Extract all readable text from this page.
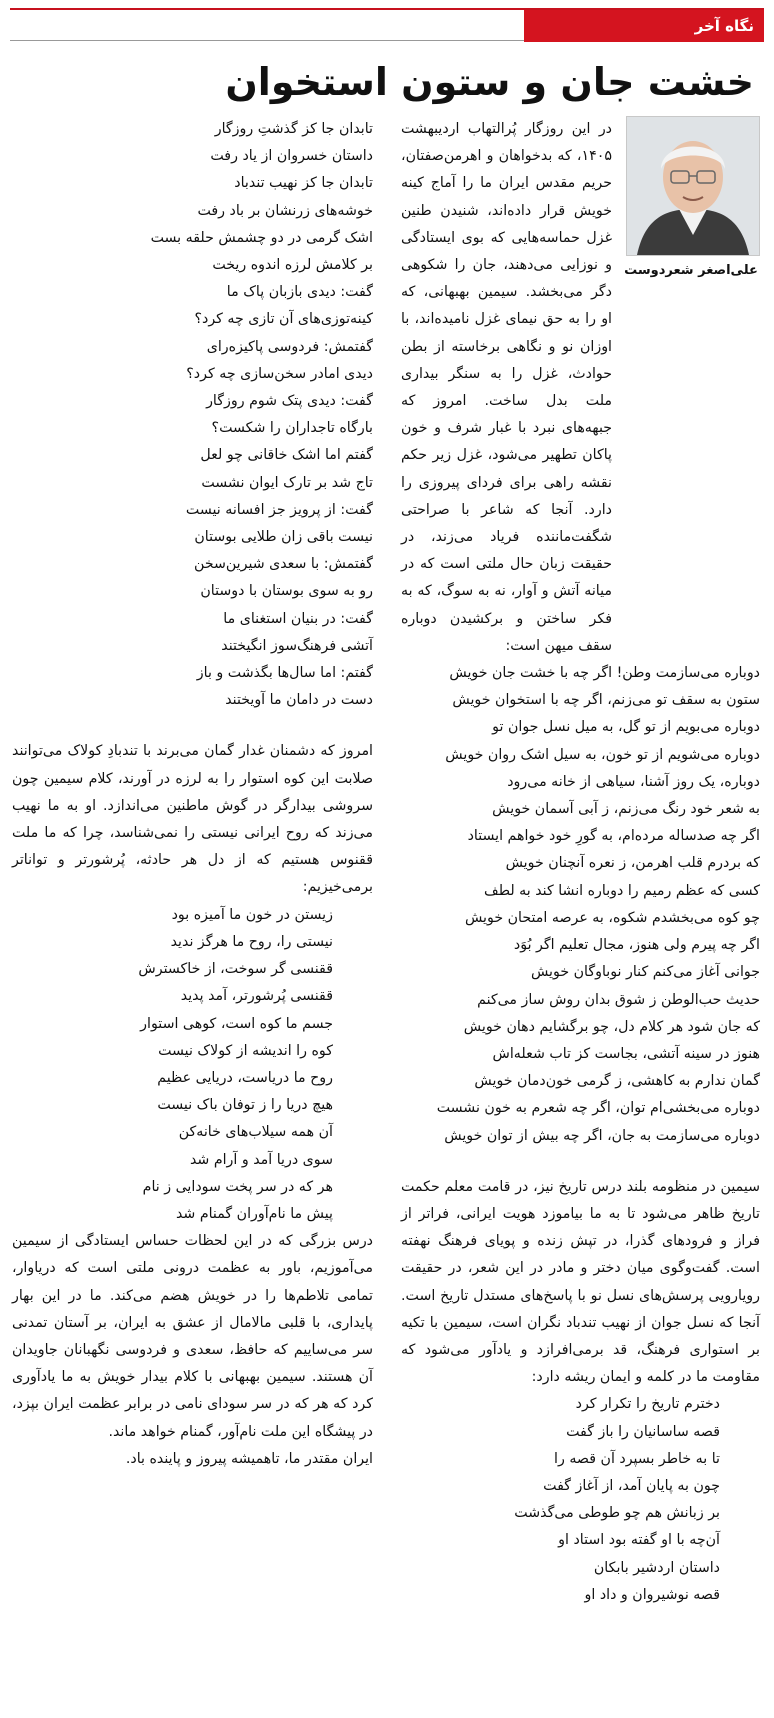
نگاه آخر
خشت جان و ستون استخوان
علی‌اصغر شعردوست

در این روزگار پُرالتهاب اردیبهشت ۱۴۰۵، که بدخواهان و اهرمن‌صفتان، حریم مقدس ایران ما را آماج کینه خویش قرار داده‌اند، شنیدن طنین غزل حماسه‌هایی که بوی ایستادگی و نوزایی می‌دهند، جان را شکوهی دگر می‌بخشد. سیمین بهبهانی، که او را به حق نیمای غزل نامیده‌اند، با اوزان نو و نگاهی برخاسته از بطن حوادث، غزل را به سنگر بیداری ملت بدل ساخت. امروز که جبهه‌های نبرد با غبار شرف و خون پاکان تطهیر می‌شود، غزل زیر حکم نقشه راهی برای فردای پیروزی را دارد. آنجا که شاعر با صراحتی شگفت‌ماننده فریاد می‌زند، در حقیقت زبان حال ملتی است که در میانه آتش و آوار، نه به سوگ، که به فکر ساختن و برکشیدن دوباره سقف میهن است:

دوباره می‌سازمت وطن! اگر چه با خشت جان خویش
ستون به سقف تو می‌زنم، اگر چه با استخوان خویش
دوباره می‌بویم از تو گل، به میل نسل جوان تو
دوباره می‌شویم از تو خون، به سیل اشک روان خویش
دوباره، یک روز آشنا، سیاهی از خانه می‌رود
به شعر خود رنگ می‌زنم، ز آبی آسمان خویش
اگر چه صدساله مرده‌ام، به گورِ خود خواهم ایستاد
که بردرم قلب اهرمن، ز نعره آنچنان خویش
کسی که عظم رمیم را دوباره انشا کند به لطف
چو کوه می‌بخشدم شکوه، به عرصه امتحان خویش
اگر چه پیرم ولی هنوز، مجال تعلیم اگر بُوَد
جوانی آغاز می‌کنم کنار نوباوگان خویش
حدیث حب‌الوطن ز شوق بدان روش ساز می‌کنم
که جان شود هر کلام دل، چو برگشایم دهان خویش
هنوز در سینه آتشی، بجاست کز تاب شعله‌اش
گمان ندارم به کاهشی، ز گرمی خون‌دمان خویش
دوباره می‌بخشی‌ام توان، اگر چه شعرم به خون نشست
دوباره می‌سازمت به جان، اگر چه بیش از توان خویش

سیمین در منظومه بلند درس تاریخ نیز، در قامت معلم حکمت تاریخ ظاهر می‌شود تا به ما بیاموزد هویت ایرانی، فراتر از فراز و فرودهای گذرا، در تپش زنده و پویای فرهنگ نهفته است. گفت‌وگوی میان دختر و مادر در این شعر، در حقیقت رویارویی پرسش‌های نسل نو با پاسخ‌های مستدل تاریخ است. آنجا که نسل جوان از نهیب تندباد نگران است، سیمین با تکیه بر استواری فرهنگ، قد برمی‌افرازد و یادآور می‌شود که مقاومت ما در کلمه و ایمان ریشه دارد:

دخترم تاریخ را تکرار کرد
قصه ساسانیان را باز گفت
تا به خاطر بسپرد آن قصه را
چون به پایان آمد، از آغاز گفت
بر زبانش هم چو طوطی می‌گذشت
آن‌چه با او گفته بود استاد او
داستان اردشیر بابکان
قصه نوشیروان و داد او
تابدان جا کز گذشتِ روزگار
داستان خسروان از یاد رفت
تابدان جا کز نهیب تندباد
خوشه‌های زرنشان بر باد رفت
اشک گرمی در دو چشمش حلقه بست
بر کلامش لرزه اندوه ریخت
گفت: دیدی بازبان پاک ما
کینه‌توزی‌های آن تازی چه کرد؟
گفتمش: فردوسی پاکیزه‌رای
دیدی امادر سخن‌سازی چه کرد؟
گفت: دیدی پتک شوم روزگار
بارگاه تاجداران را شکست؟
گفتم اما اشک خاقانی چو لعل
تاج شد بر تارک ایوان نشست
گفت: از پرویز جز افسانه نیست
نیست باقی زان طلایی بوستان
گفتمش: با سعدی شیرین‌سخن
رو به سوی بوستان با دوستان
گفت: در بنیان استغنای ما
آتشی فرهنگ‌سوز انگیختند
گفتم: اما سال‌ها بگذشت و باز
دست در دامان ما آویختند

امروز که دشمنان غدار گمان می‌برند با تندبادِ کولاک می‌توانند صلابت این کوه استوار را به لرزه در آورند، کلام سیمین چون سروشی بیدارگر در گوش ماطنین می‌اندازد. او به ما نهیب می‌زند که روح ایرانی نیستی را نمی‌شناسد، چرا که ما ملت ققنوس هستیم که از دل هر حادثه، پُرشورتر و تواناتر برمی‌خیزیم:

زیستن در خون ما آمیزه بود
نیستی را، روح ما هرگز ندید
ققنسی گر سوخت، از خاکسترش
ققنسی پُرشورتر، آمد پدید
جسم ما کوه است، کوهی استوار
کوه را اندیشه از کولاک نیست
روح ما دریاست، دریایی عظیم
هیچ دریا را ز توفان باک نیست
آن همه سیلاب‌های خانه‌کن
سوی دریا آمد و آرام شد
هر که در سر پخت سودایی ز نام
پیش ما نام‌آوران گمنام شد

درس بزرگی که در این لحظات حساس ایستادگی از سیمین می‌آموزیم، باور به عظمت درونی ملتی است که دریاوار، تمامی تلاطم‌ها را در خویش هضم می‌کند. ما در این بهار پایداری، با قلبی مالامال از عشق به ایران، بر آستان تمدنی سر می‌ساییم که حافظ، سعدی و فردوسی نگهبانان جاویدان آن هستند. سیمین بهبهانی با کلام بیدار خویش به ما یادآوری کرد که هر که در سر سودای نامی در برابر عظمت ایران بپزد، در پیشگاه این ملت نام‌آور، گمنام خواهد ماند.

ایران مقتدر ما، تاهمیشه پیروز و پاینده باد.
